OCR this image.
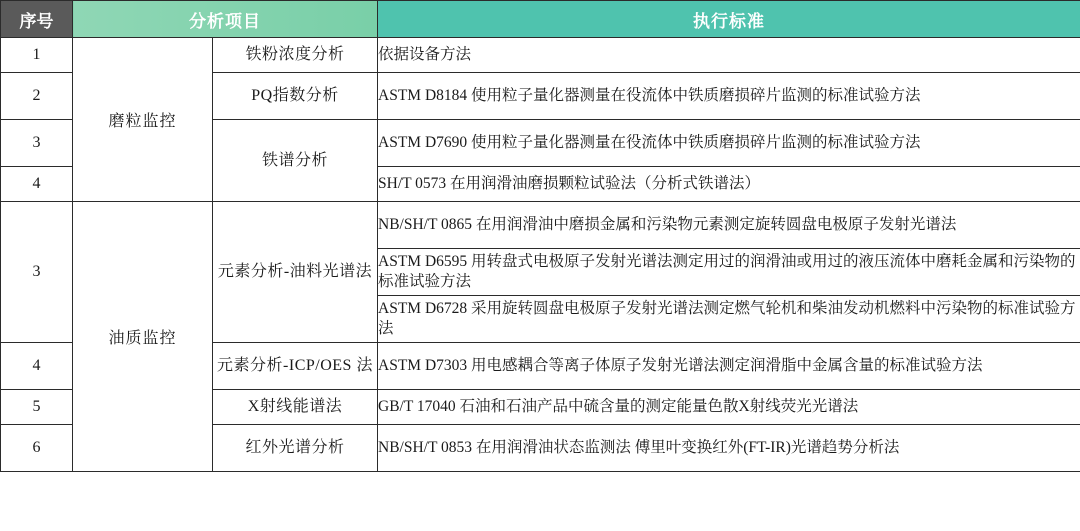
序号	分析项目		执行标准
1	磨粒监控	铁粉浓度分析	依据设备方法
2		PQ指数分析	ASTM D8184 使用粒子量化器测量在役流体中铁质磨损碎片监测的标准试验方法
3		铁谱分析	ASTM D7690 使用粒子量化器测量在役流体中铁质磨损碎片监测的标准试验方法
4			SH/T 0573 在用润滑油磨损颗粒试验法（分析式铁谱法）
3	油质监控	元素分析-油料光谱法	NB/SH/T 0865 在用润滑油中磨损金属和污染物元素测定旋转圆盘电极原子发射光谱法
			ASTM D6595 用转盘式电极原子发射光谱法测定用过的润滑油或用过的液压流体中磨耗金属和污染物的标准试验方法
			ASTM D6728 采用旋转圆盘电极原子发射光谱法测定燃气轮机和柴油发动机燃料中污染物的标准试验方法
4		元素分析-ICP/OES 法	ASTM D7303 用电感耦合等离子体原子发射光谱法测定润滑脂中金属含量的标准试验方法
5		X射线能谱法	GB/T 17040 石油和石油产品中硫含量的测定能量色散X射线荧光光谱法
6		红外光谱分析	NB/SH/T 0853 在用润滑油状态监测法 傅里叶变换红外(FT-IR)光谱趋势分析法
